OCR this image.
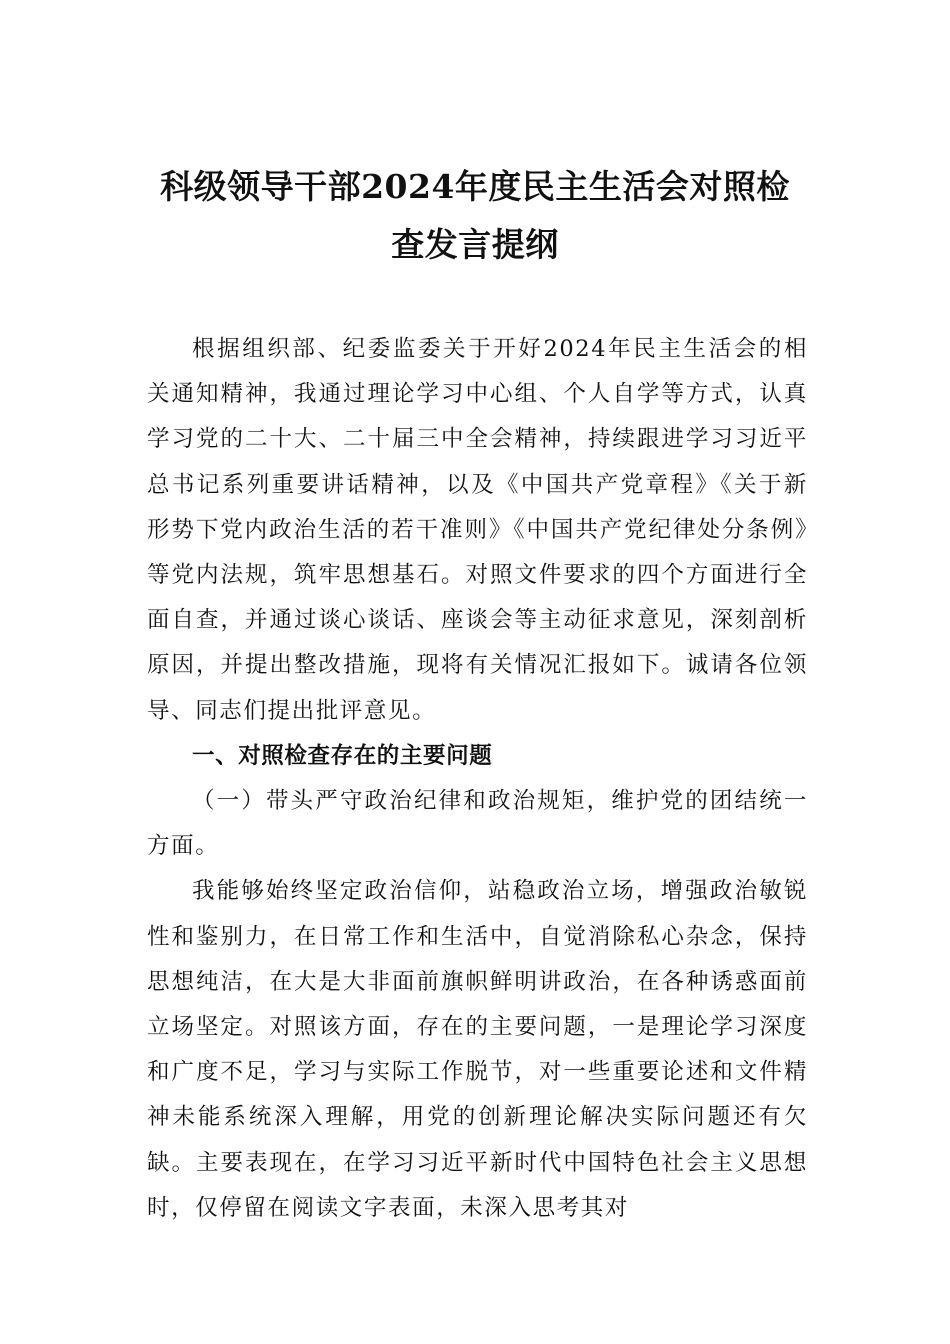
科级领导干部2024年度民主生活会对照检
查发言提纲

根据组织部、纪委监委关于开好2024年民主生活会的相关通知精神，我通过理论学习中心组、个人自学等方式，认真学习党的二十大、二十届三中全会精神，持续跟进学习习近平总书记系列重要讲话精神，以及《中国共产党章程》《关于新形势下党内政治生活的若干准则》《中国共产党纪律处分条例》等党内法规，筑牢思想基石。对照文件要求的四个方面进行全面自查，并通过谈心谈话、座谈会等主动征求意见，深刻剖析原因，并提出整改措施，现将有关情况汇报如下。诚请各位领导、同志们提出批评意见。

一、对照检查存在的主要问题

（一）带头严守政治纪律和政治规矩，维护党的团结统一方面。

我能够始终坚定政治信仰，站稳政治立场，增强政治敏锐性和鉴别力，在日常工作和生活中，自觉消除私心杂念，保持思想纯洁，在大是大非面前旗帜鲜明讲政治，在各种诱惑面前立场坚定。对照该方面，存在的主要问题，一是理论学习深度和广度不足，学习与实际工作脱节，对一些重要论述和文件精神未能系统深入理解，用党的创新理论解决实际问题还有欠缺。主要表现在，在学习习近平新时代中国特色社会主义思想时，仅停留在阅读文字表面，未深入思考其对
